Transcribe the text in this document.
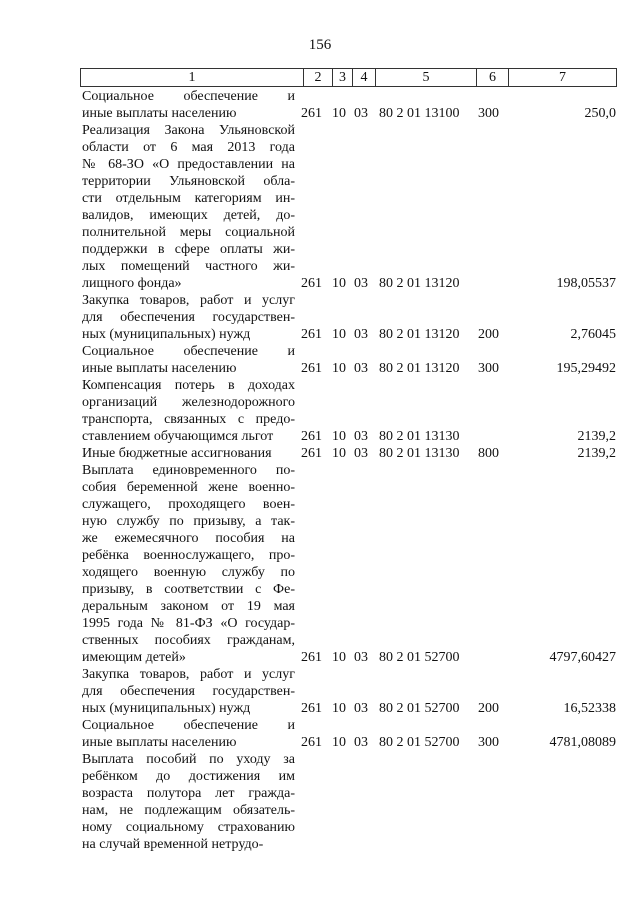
156
1	2	3	4	5	6	7
Социальное обеспечение и
иные выплаты населению	261 10 03 80 2 01 13100 300	250,0
Реализация Закона Ульяновской
области от 6 мая 2013 года
№ 68-ЗО «О предоставлении на
территории Ульяновской обла-
сти отдельным категориям ин-
валидов, имеющих детей, до-
полнительной меры социальной
поддержки в сфере оплаты жи-
лых помещений частного жи-
лищного фонда»	261 10 03 80 2 01 13120	198,05537
Закупка товаров, работ и услуг
для обеспечения государствен-
ных (муниципальных) нужд	261 10 03 80 2 01 13120 200	2,76045
Социальное обеспечение и
иные выплаты населению	261 10 03 80 2 01 13120 300	195,29492
Компенсация потерь в доходах
организаций железнодорожного
транспорта, связанных с предо-
ставлением обучающимся льгот	261 10 03 80 2 01 13130	2139,2
Иные бюджетные ассигнования	261 10 03 80 2 01 13130 800	2139,2
Выплата единовременного по-
собия беременной жене военно-
служащего, проходящего воен-
ную службу по призыву, а так-
же ежемесячного пособия на
ребёнка военнослужащего, про-
ходящего военную службу по
призыву, в соответствии с Фе-
деральным законом от 19 мая
1995 года № 81-ФЗ «О государ-
ственных пособиях гражданам,
имеющим детей»	261 10 03 80 2 01 52700	4797,60427
Закупка товаров, работ и услуг
для обеспечения государствен-
ных (муниципальных) нужд	261 10 03 80 2 01 52700 200	16,52338
Социальное обеспечение и
иные выплаты населению	261 10 03 80 2 01 52700 300	4781,08089
Выплата пособий по уходу за
ребёнком до достижения им
возраста полутора лет гражда-
нам, не подлежащим обязатель-
ному социальному страхованию
на случай временной нетрудо-
